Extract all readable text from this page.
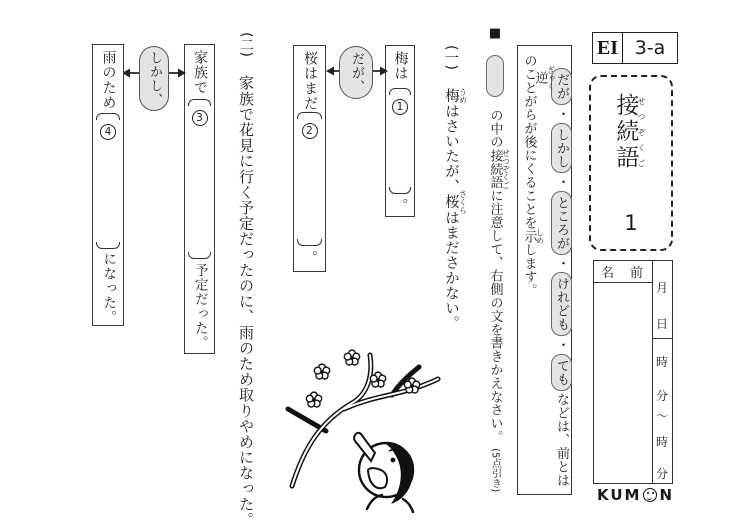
EI 3-a
接続語せつぞくご
1
名前
月
日
時
分
〜
時
分
KUM N
だが・しかし・ところが・けれども・てもなどは、前とは逆 ぎゃく
のことがらが後にくることを示 しめします。
■  の中の接続語 せつぞくごに注意して、右側の文を書きかえなさい。 (5点引き)
(一) 梅 うめはさいたが、桜 さくらはまださかない。
梅は
1
。
だが、
桜はまだ
2
。
(二) 家族で花見に行く予定だったのに、雨のため取りやめになった。
家族で
3
予定だった。
しかし、
雨のため
4
になった。
